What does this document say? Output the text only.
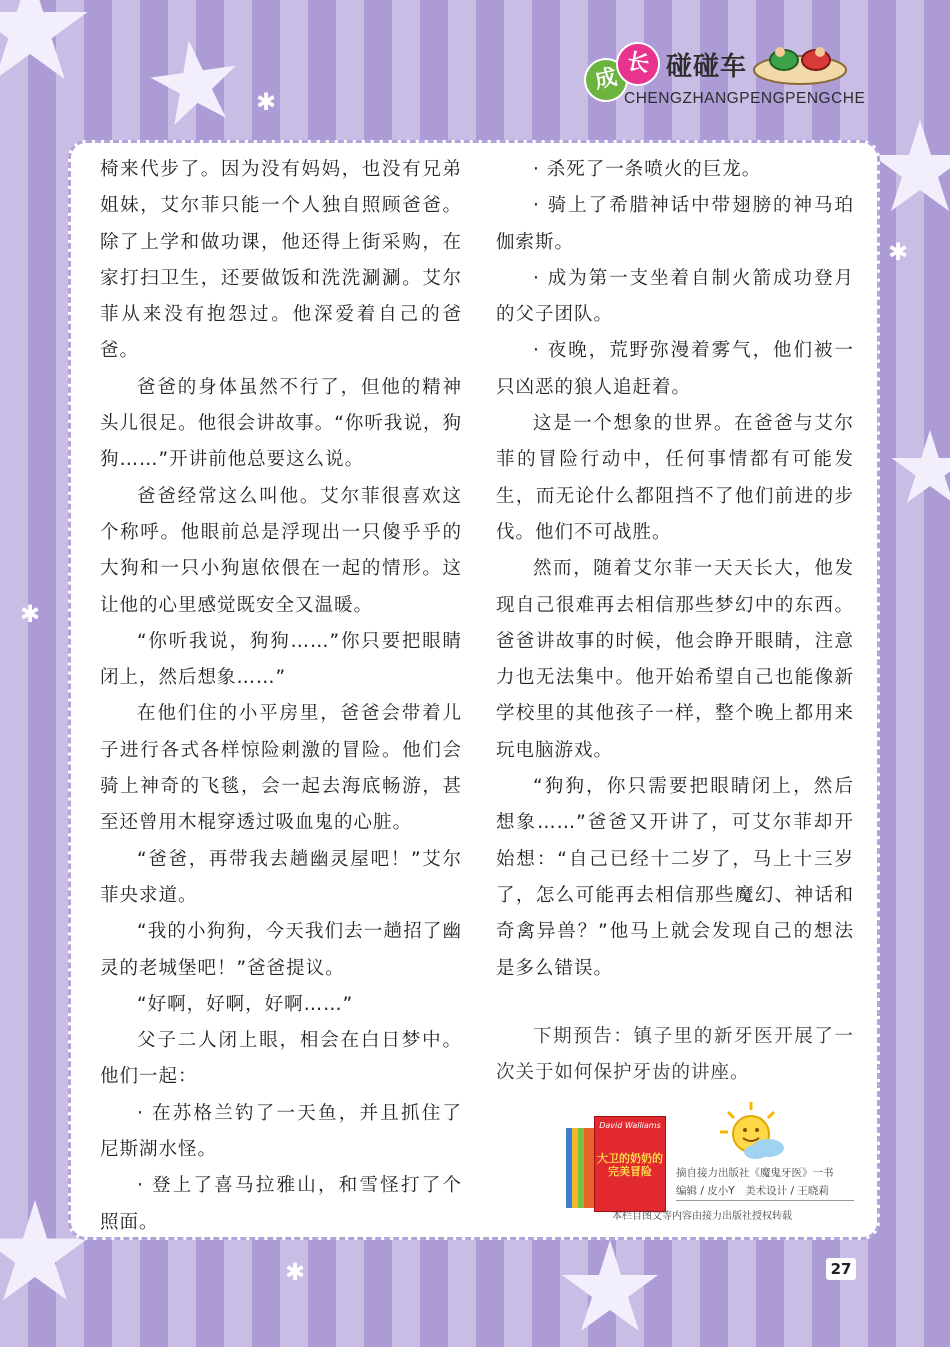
✱
✱
✱
✱
成
长 碰碰车
CHENGZHANGPENGPENGCHE

椅来代步了。因为没有妈妈，也没有兄弟姐妹，艾尔菲只能一个人独自照顾爸爸。除了上学和做功课，他还得上街采购，在家打扫卫生，还要做饭和洗洗涮涮。艾尔菲从来没有抱怨过。他深爱着自己的爸爸。

爸爸的身体虽然不行了，但他的精神头儿很足。他很会讲故事。“你听我说，狗狗……”开讲前他总要这么说。

爸爸经常这么叫他。艾尔菲很喜欢这个称呼。他眼前总是浮现出一只傻乎乎的大狗和一只小狗崽依偎在一起的情形。这让他的心里感觉既安全又温暖。

“你听我说，狗狗……”你只要把眼睛闭上，然后想象……”

在他们住的小平房里，爸爸会带着儿子进行各式各样惊险刺激的冒险。他们会骑上神奇的飞毯，会一起去海底畅游，甚至还曾用木棍穿透过吸血鬼的心脏。

“爸爸，再带我去趟幽灵屋吧！”艾尔菲央求道。

“我的小狗狗，今天我们去一趟招了幽灵的老城堡吧！”爸爸提议。

“好啊，好啊，好啊……”

父子二人闭上眼，相会在白日梦中。他们一起：

· 在苏格兰钓了一天鱼，并且抓住了尼斯湖水怪。

· 登上了喜马拉雅山，和雪怪打了个照面。

· 杀死了一条喷火的巨龙。

· 骑上了希腊神话中带翅膀的神马珀伽索斯。

· 成为第一支坐着自制火箭成功登月的父子团队。

· 夜晚，荒野弥漫着雾气，他们被一只凶恶的狼人追赶着。

这是一个想象的世界。在爸爸与艾尔菲的冒险行动中，任何事情都有可能发生，而无论什么都阻挡不了他们前进的步伐。他们不可战胜。

然而，随着艾尔菲一天天长大，他发现自己很难再去相信那些梦幻中的东西。爸爸讲故事的时候，他会睁开眼睛，注意力也无法集中。他开始希望自己也能像新学校里的其他孩子一样，整个晚上都用来玩电脑游戏。

“狗狗，你只需要把眼睛闭上，然后想象……”爸爸又开讲了，可艾尔菲却开始想：“自己已经十二岁了，马上十三岁了，怎么可能再去相信那些魔幻、神话和奇禽异兽？”他马上就会发现自己的想法是多么错误。

下期预告：镇子里的新牙医开展了一次关于如何保护牙齿的讲座。

David Walliams
大卫的奶奶的完美冒险	摘自接力出版社《魔鬼牙医》一书
编辑 / 皮小Y　美术设计 / 王晓莉
本栏目图文等内容由接力出版社授权转载
27
